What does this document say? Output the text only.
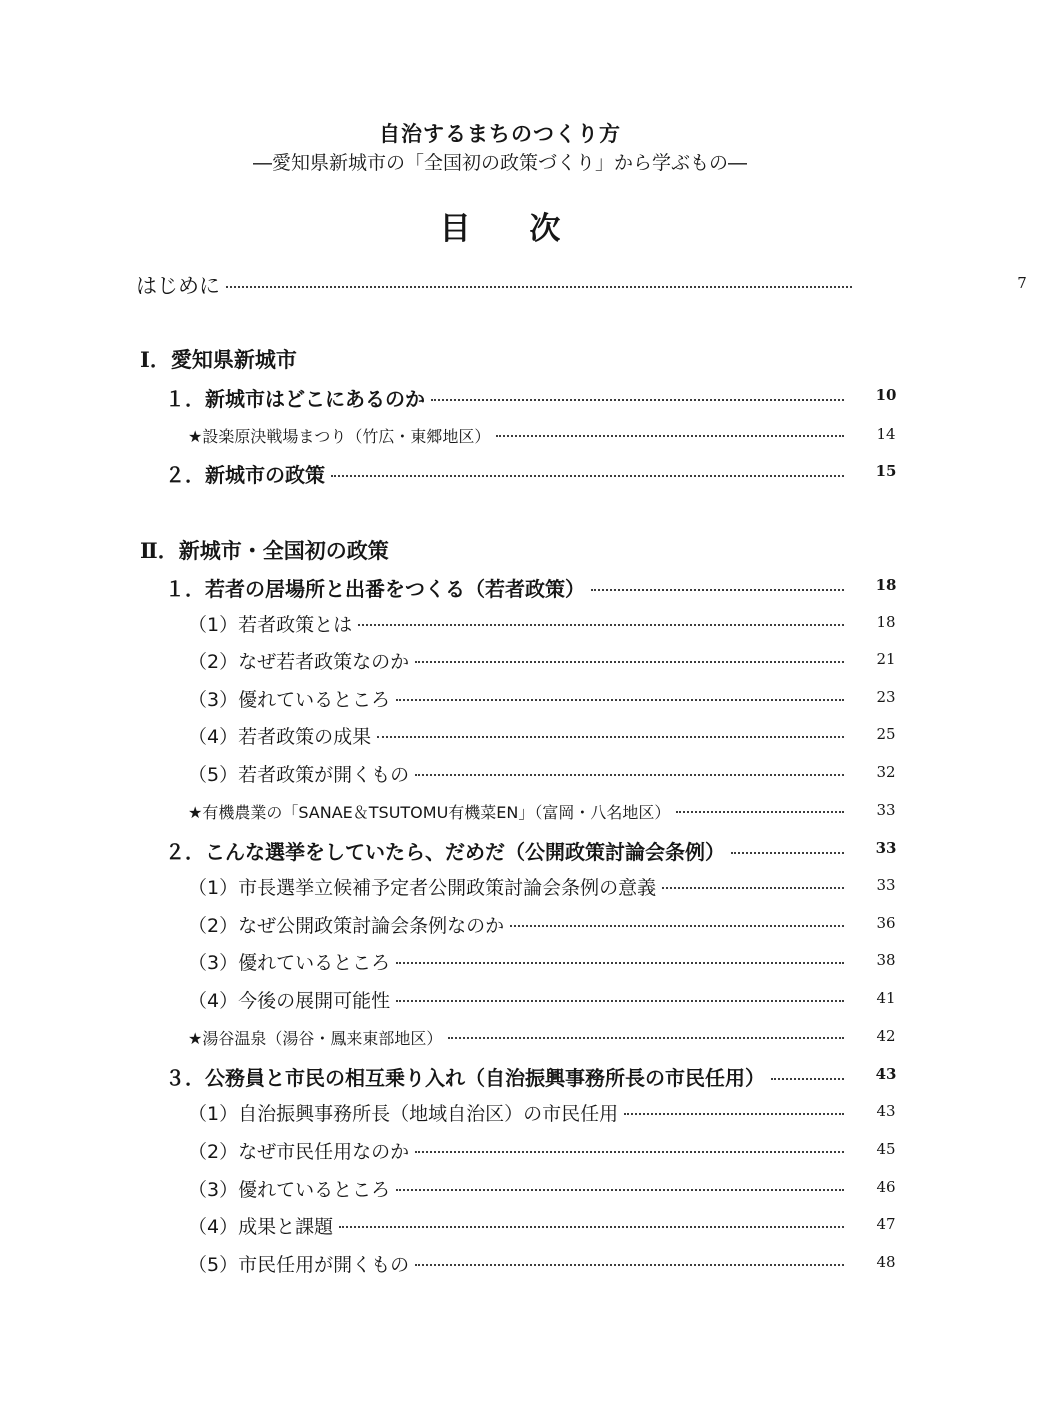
自治するまちのつくり方
―愛知県新城市の「全国初の政策づくり」から学ぶもの―
目 次
はじめに	7
Ⅰ．愛知県新城市
１．新城市はどこにあるのか	10
★設楽原決戦場まつり（竹広・東郷地区）	14
２．新城市の政策	15
Ⅱ．新城市・全国初の政策
１．若者の居場所と出番をつくる（若者政策）	18
（1）若者政策とは	18
（2）なぜ若者政策なのか	21
（3）優れているところ	23
（4）若者政策の成果	25
（5）若者政策が開くもの	32
★有機農業の「SANAE＆TSUTOMU有機菜EN」（富岡・八名地区）	33
２．こんな選挙をしていたら、だめだ（公開政策討論会条例）	33
（1）市長選挙立候補予定者公開政策討論会条例の意義	33
（2）なぜ公開政策討論会条例なのか	36
（3）優れているところ	38
（4）今後の展開可能性	41
★湯谷温泉（湯谷・鳳来東部地区）	42
３．公務員と市民の相互乗り入れ（自治振興事務所長の市民任用）	43
（1）自治振興事務所長（地域自治区）の市民任用	43
（2）なぜ市民任用なのか	45
（3）優れているところ	46
（4）成果と課題	47
（5）市民任用が開くもの	48
